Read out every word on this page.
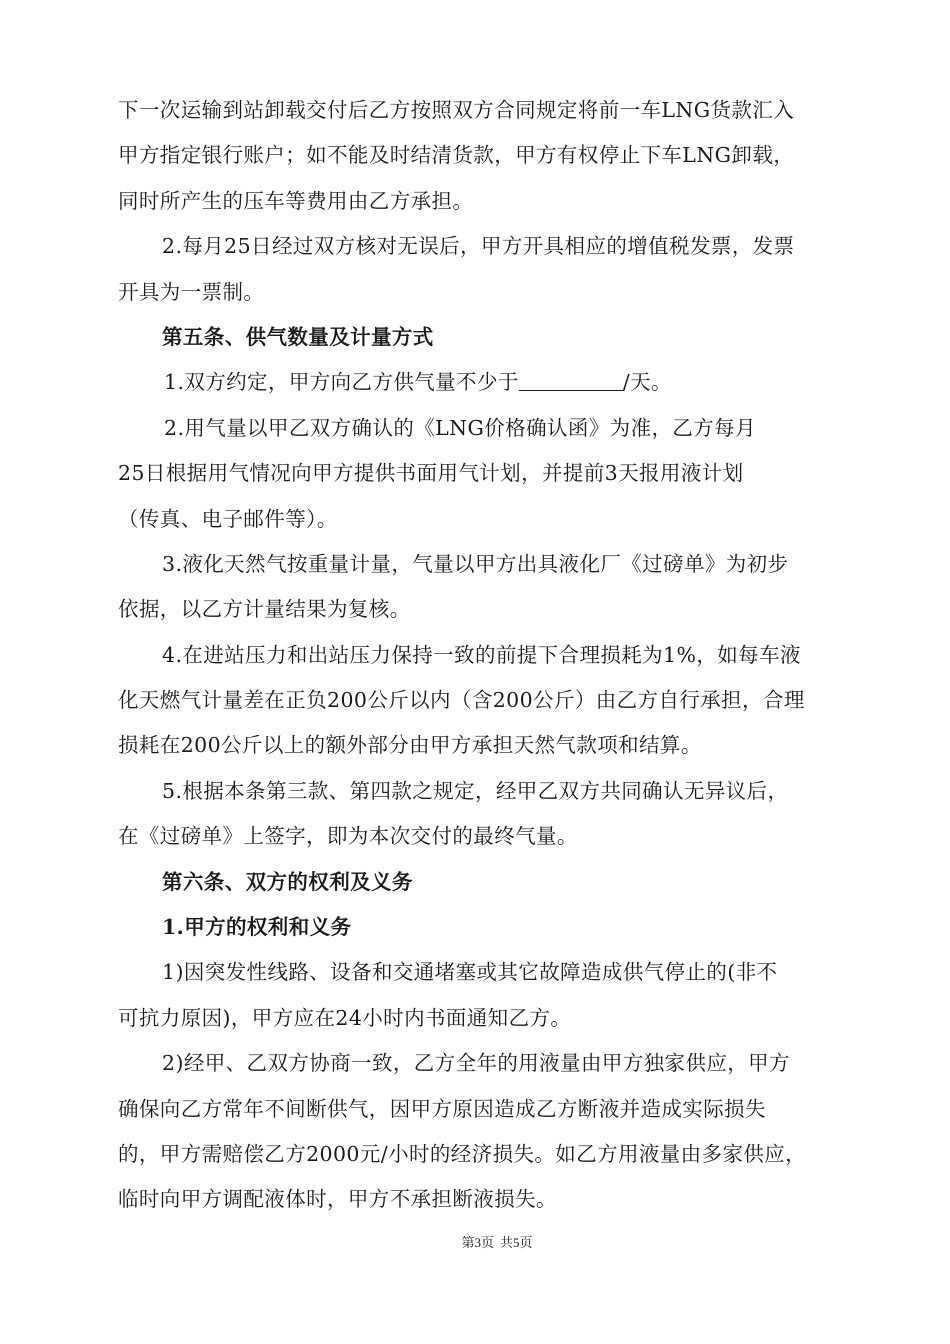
下一次运输到站卸载交付后乙方按照双方合同规定将前一车LNG货款汇入
甲方指定银行账户；如不能及时结清货款，甲方有权停止下车LNG卸载，
同时所产生的压车等费用由乙方承担。
2.每月25日经过双方核对无误后，甲方开具相应的增值税发票，发票
开具为一票制。
第五条、供气数量及计量方式
1.双方约定，甲方向乙方供气量不少于	/天。
2.用气量以甲乙双方确认的《LNG价格确认函》为准，乙方每月
25日根据用气情况向甲方提供书面用气计划，并提前3天报用液计划
（传真、电子邮件等）。
3.液化天然气按重量计量，气量以甲方出具液化厂《过磅单》为初步
依据，以乙方计量结果为复核。
4.在进站压力和出站压力保持一致的前提下合理损耗为1%，如每车液
化天燃气计量差在正负200公斤以内（含200公斤）由乙方自行承担，合理
损耗在200公斤以上的额外部分由甲方承担天然气款项和结算。
5.根据本条第三款、第四款之规定，经甲乙双方共同确认无异议后，
在《过磅单》上签字，即为本次交付的最终气量。
第六条、双方的权利及义务
1.甲方的权利和义务
1)因突发性线路、设备和交通堵塞或其它故障造成供气停止的(非不
可抗力原因)，甲方应在24小时内书面通知乙方。
2)经甲、乙双方协商一致，乙方全年的用液量由甲方独家供应，甲方
确保向乙方常年不间断供气，因甲方原因造成乙方断液并造成实际损失
的，甲方需赔偿乙方2000元/小时的经济损失。如乙方用液量由多家供应，
临时向甲方调配液体时，甲方不承担断液损失。
第3页 共5页
